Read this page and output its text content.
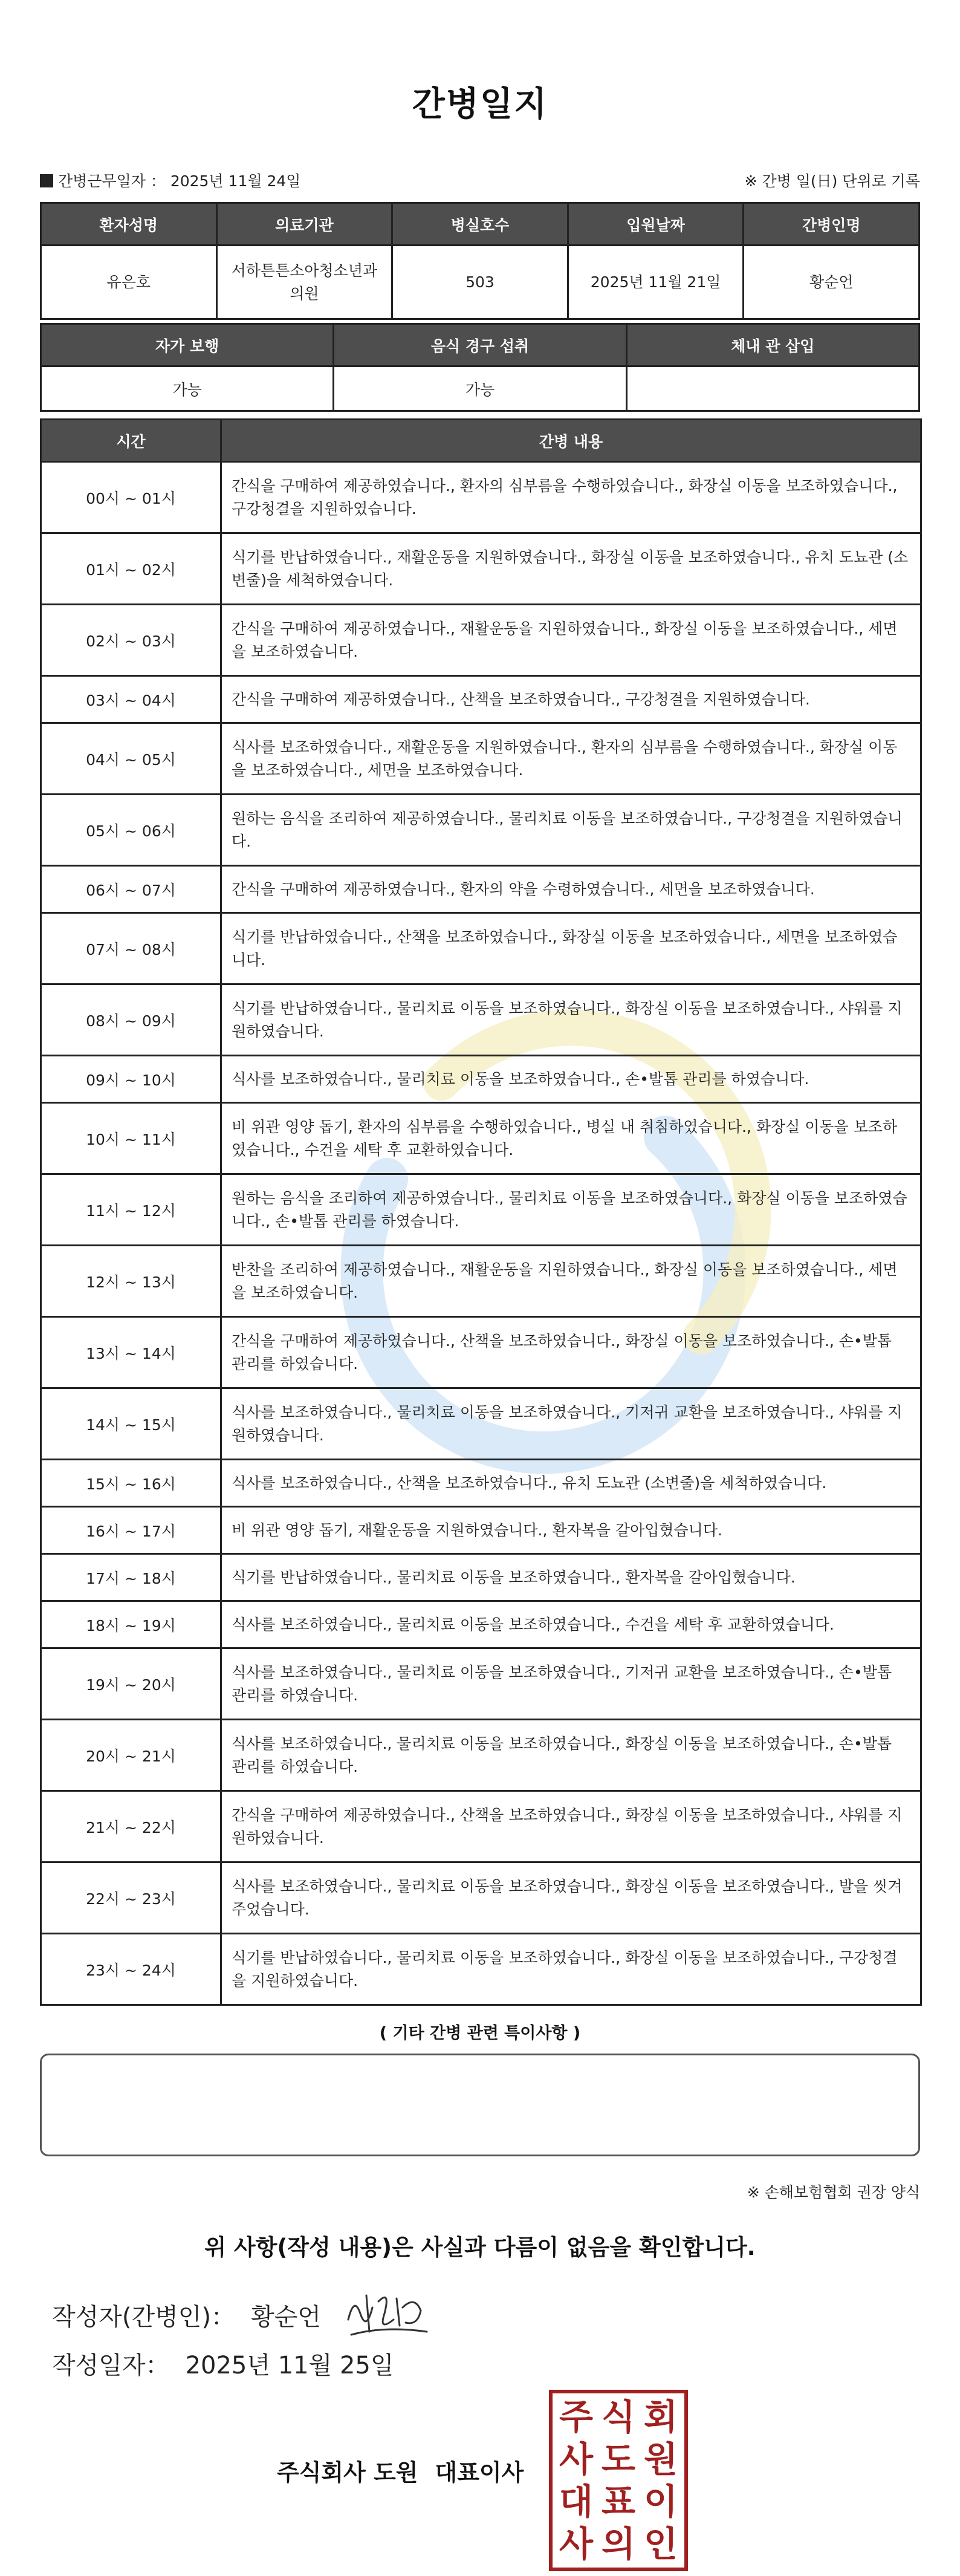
간병일지
간병근무일자 ： 2025년 11월 24일	※ 간병 일(日) 단위로 기록
환자성명	의료기관	병실호수	입원날짜	간병인명
유은호	서하튼튼소아청소년과의원	503	2025년 11월 21일	황순언
자가 보행	음식 경구 섭취	체내 관 삽입
가능	가능	
시간	간병 내용
00시 ~ 01시	간식을 구매하여 제공하였습니다., 환자의 심부름을 수행하였습니다., 화장실 이동을 보조하였습니다., 구강청결을 지원하였습니다.
01시 ~ 02시	식기를 반납하였습니다., 재활운동을 지원하였습니다., 화장실 이동을 보조하였습니다., 유치 도뇨관 (소변줄)을 세척하였습니다.
02시 ~ 03시	간식을 구매하여 제공하였습니다., 재활운동을 지원하였습니다., 화장실 이동을 보조하였습니다., 세면을 보조하였습니다.
03시 ~ 04시	간식을 구매하여 제공하였습니다., 산책을 보조하였습니다., 구강청결을 지원하였습니다.
04시 ~ 05시	식사를 보조하였습니다., 재활운동을 지원하였습니다., 환자의 심부름을 수행하였습니다., 화장실 이동을 보조하였습니다., 세면을 보조하였습니다.
05시 ~ 06시	원하는 음식을 조리하여 제공하였습니다., 물리치료 이동을 보조하였습니다., 구강청결을 지원하였습니다.
06시 ~ 07시	간식을 구매하여 제공하였습니다., 환자의 약을 수령하였습니다., 세면을 보조하였습니다.
07시 ~ 08시	식기를 반납하였습니다., 산책을 보조하였습니다., 화장실 이동을 보조하였습니다., 세면을 보조하였습니다.
08시 ~ 09시	식기를 반납하였습니다., 물리치료 이동을 보조하였습니다., 화장실 이동을 보조하였습니다., 샤워를 지원하였습니다.
09시 ~ 10시	식사를 보조하였습니다., 물리치료 이동을 보조하였습니다., 손•발톱 관리를 하였습니다.
10시 ~ 11시	비 위관 영양 돕기, 환자의 심부름을 수행하였습니다., 병실 내 취침하였습니다., 화장실 이동을 보조하였습니다., 수건을 세탁 후 교환하였습니다.
11시 ~ 12시	원하는 음식을 조리하여 제공하였습니다., 물리치료 이동을 보조하였습니다., 화장실 이동을 보조하였습니다., 손•발톱 관리를 하였습니다.
12시 ~ 13시	반찬을 조리하여 제공하였습니다., 재활운동을 지원하였습니다., 화장실 이동을 보조하였습니다., 세면을 보조하였습니다.
13시 ~ 14시	간식을 구매하여 제공하였습니다., 산책을 보조하였습니다., 화장실 이동을 보조하였습니다., 손•발톱 관리를 하였습니다.
14시 ~ 15시	식사를 보조하였습니다., 물리치료 이동을 보조하였습니다., 기저귀 교환을 보조하였습니다., 샤워를 지원하였습니다.
15시 ~ 16시	식사를 보조하였습니다., 산책을 보조하였습니다., 유치 도뇨관 (소변줄)을 세척하였습니다.
16시 ~ 17시	비 위관 영양 돕기, 재활운동을 지원하였습니다., 환자복을 갈아입혔습니다.
17시 ~ 18시	식기를 반납하였습니다., 물리치료 이동을 보조하였습니다., 환자복을 갈아입혔습니다.
18시 ~ 19시	식사를 보조하였습니다., 물리치료 이동을 보조하였습니다., 수건을 세탁 후 교환하였습니다.
19시 ~ 20시	식사를 보조하였습니다., 물리치료 이동을 보조하였습니다., 기저귀 교환을 보조하였습니다., 손•발톱 관리를 하였습니다.
20시 ~ 21시	식사를 보조하였습니다., 물리치료 이동을 보조하였습니다., 화장실 이동을 보조하였습니다., 손•발톱 관리를 하였습니다.
21시 ~ 22시	간식을 구매하여 제공하였습니다., 산책을 보조하였습니다., 화장실 이동을 보조하였습니다., 샤워를 지원하였습니다.
22시 ~ 23시	식사를 보조하였습니다., 물리치료 이동을 보조하였습니다., 화장실 이동을 보조하였습니다., 발을 씻겨주었습니다.
23시 ~ 24시	식기를 반납하였습니다., 물리치료 이동을 보조하였습니다., 화장실 이동을 보조하였습니다., 구강청결을 지원하였습니다.
( 기타 간병 관련 특이사항 )
※ 손해보험협회 권장 양식
위 사항(작성 내용)은 사실과 다름이 없음을 확인합니다.
작성자(간병인)： 황순언
작성일자： 2025년 11월 25일
주식회사 도원 대표이사
주 식 회
사 도 원
대 표 이
사 의 인
